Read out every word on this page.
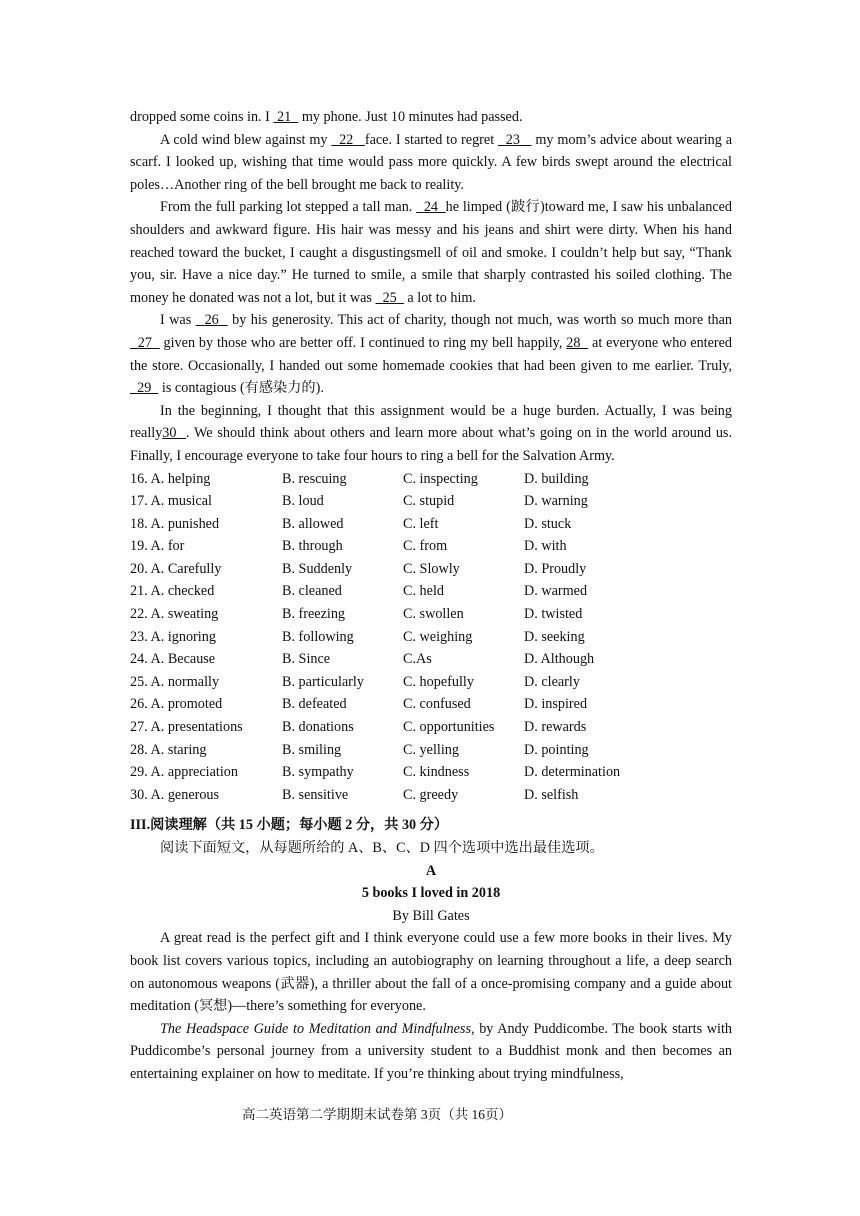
dropped some coins in. I  21   my phone. Just 10 minutes had passed.

A cold wind blew against my   22 face. I started to regret   23    my mom’s advice about wearing a scarf. I looked up, wishing that time would pass more quickly. A few birds swept around the electrical poles…Another ring of the bell brought me back to reality.

From the full parking lot stepped a tall man.   24 he limped (跛行)toward me, I saw his unbalanced shoulders and awkward figure. His hair was messy and his jeans and shirt were dirty. When his hand reached toward the bucket, I caught a disgustingsmell of oil and smoke. I couldn’t help but say, “Thank you, sir. Have a nice day.” He turned to smile, a smile that sharply contrasted his soiled clothing. The money he donated was not a lot, but it was   25   a lot to him.

I was   26   by his generosity. This act of charity, though not much, was worth so much more than   27   given by those who are better off. I continued to ring my bell happily, 28   at everyone who entered the store. Occasionally, I handed out some homemade cookies that had been given to me earlier. Truly,  29   is contagious (有感染力的).

In the beginning, I thought that this assignment would be a huge burden. Actually, I was being really30 . We should think about others and learn more about what’s going on in the world around us. Finally, I encourage everyone to take four hours to ring a bell for the Salvation Army.

16. A. helping	B. rescuing	C. inspecting	D. building
17. A. musical	B. loud	C. stupid	D. warning
18. A. punished	B. allowed	C. left	D. stuck
19. A. for	B. through	C. from	D. with
20. A. Carefully	B. Suddenly	C. Slowly	D. Proudly
21. A. checked	B. cleaned	C. held	D. warmed
22. A. sweating	B. freezing	C. swollen	D. twisted
23. A. ignoring	B. following	C. weighing	D. seeking
24. A. Because	B. Since	C.As	D. Although
25. A. normally	B. particularly	C. hopefully	D. clearly
26. A. promoted	B. defeated	C. confused	D. inspired
27. A. presentations	B. donations	C. opportunities	D. rewards
28. A. staring	B. smiling	C. yelling	D. pointing
29. A. appreciation	B. sympathy	C. kindness	D. determination
30. A. generous	B. sensitive	C. greedy	D. selfish

III.阅读理解（共 15 小题；每小题 2 分，共 30 分）

阅读下面短文，从每题所给的 A、B、C、D 四个选项中选出最佳选项。

A

5 books I loved in 2018

By Bill Gates

A great read is the perfect gift and I think everyone could use a few more books in their lives. My book list covers various topics, including an autobiography on learning throughout a life, a deep search on autonomous weapons (武器), a thriller about the fall of a once-promising company and a guide about meditation (冥想)—there’s something for everyone.

The Headspace Guide to Meditation and Mindfulness, by Andy Puddicombe. The book starts with Puddicombe’s personal journey from a university student to a Buddhist monk and then becomes an entertaining explainer on how to meditate. If you’re thinking about trying mindfulness,

高二英语第二学期期末试卷第 3页（共 16页）
